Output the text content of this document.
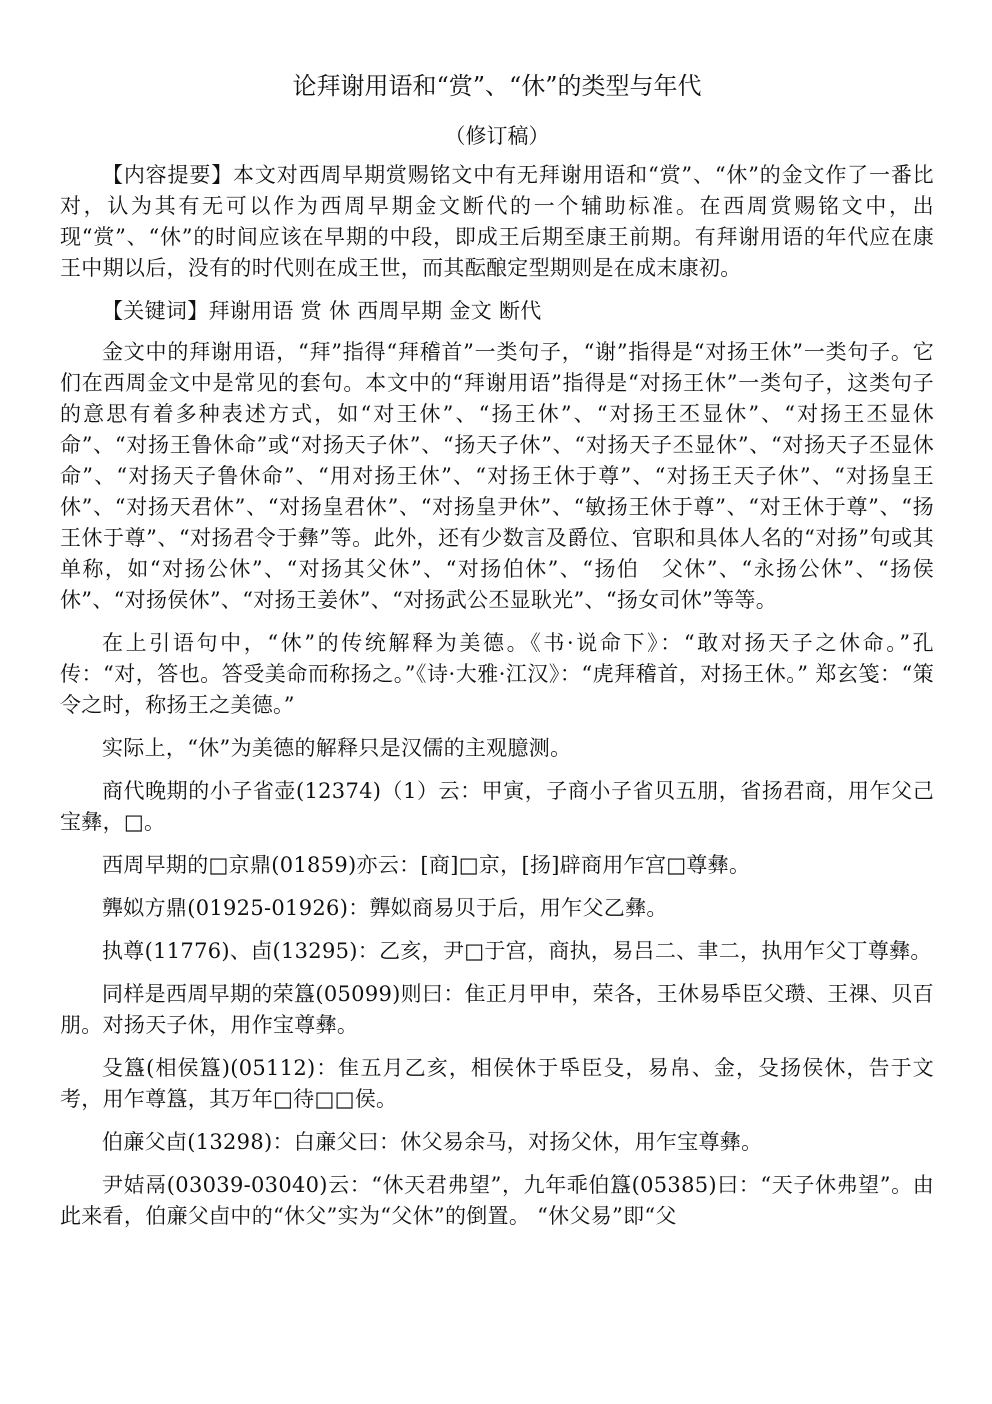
论拜谢用语和“赏”、“休”的类型与年代
（修订稿）

【内容提要】本文对西周早期赏赐铭文中有无拜谢用语和“赏”、“休”的金文作了一番比对，认为其有无可以作为西周早期金文断代的一个辅助标准。在西周赏赐铭文中，出现“赏”、“休”的时间应该在早期的中段，即成王后期至康王前期。有拜谢用语的年代应在康王中期以后，没有的时代则在成王世，而其酝酿定型期则是在成末康初。

【关键词】拜谢用语 赏 休 西周早期 金文 断代

金文中的拜谢用语，“拜”指得“拜稽首”一类句子，“谢”指得是“对扬王休”一类句子。它们在西周金文中是常见的套句。本文中的“拜谢用语”指得是“对扬王休”一类句子，这类句子的意思有着多种表述方式，如“对王休”、“扬王休”、“对扬王丕显休”、“对扬王丕显休命”、“对扬王鲁休命”或“对扬天子休”、“扬天子休”、“对扬天子丕显休”、“对扬天子丕显休命”、“对扬天子鲁休命”、“用对扬王休”、“对扬王休于尊”、“对扬王天子休”、“对扬皇王休”、“对扬天君休”、“对扬皇君休”、“对扬皇尹休”、“敏扬王休于尊”、“对王休于尊”、“扬王休于尊”、“对扬君令于彝”等。此外，还有少数言及爵位、官职和具体人名的“对扬”句或其单称，如“对扬公休”、“对扬其父休”、“对扬伯休”、“扬伯　父休”、“永扬公休”、“扬侯休”、“对扬侯休”、“对扬王姜休”、“对扬武公丕显耿光”、“扬女司休”等等。

在上引语句中，“休”的传统解释为美德。《书·说命下》：“敢对扬天子之休命。”孔传：“对，答也。答受美命而称扬之。”《诗·大雅·江汉》：“虎拜稽首，对扬王休。” 郑玄笺：“策令之时，称扬王之美德。”

实际上，“休”为美德的解释只是汉儒的主观臆测。

商代晚期的小子省壶(12374)（1）云：甲寅，子商小子省贝五朋，省扬君商，用乍父己宝彝，□。

西周早期的□京鼎(01859)亦云：[商]□京，[扬]辟商用乍宫□尊彝。

龏姒方鼎(01925-01926)：龏姒商易贝于后，用乍父乙彝。

执尊(11776)、卣(13295)：乙亥，尹□于宫，商执，易吕二、聿二，执用乍父丁尊彝。

同样是西周早期的荣簋(05099)则曰：隹正月甲申，荣各，王休易氒臣父瓒、王祼、贝百朋。对扬天子休，用作宝尊彝。

殳簋(相侯簋)(05112)：隹五月乙亥，相侯休于氒臣殳，易帛、金，殳扬侯休，告于文考，用乍尊簋，其万年□待□□侯。

伯亷父卣(13298)：白亷父曰：休父易余马，对扬父休，用乍宝尊彝。

尹姞鬲(03039-03040)云：“休天君弗望”，九年乖伯簋(05385)曰：“天子休弗望”。由此来看，伯亷父卣中的“休父”实为“父休”的倒置。 “休父易”即“父
